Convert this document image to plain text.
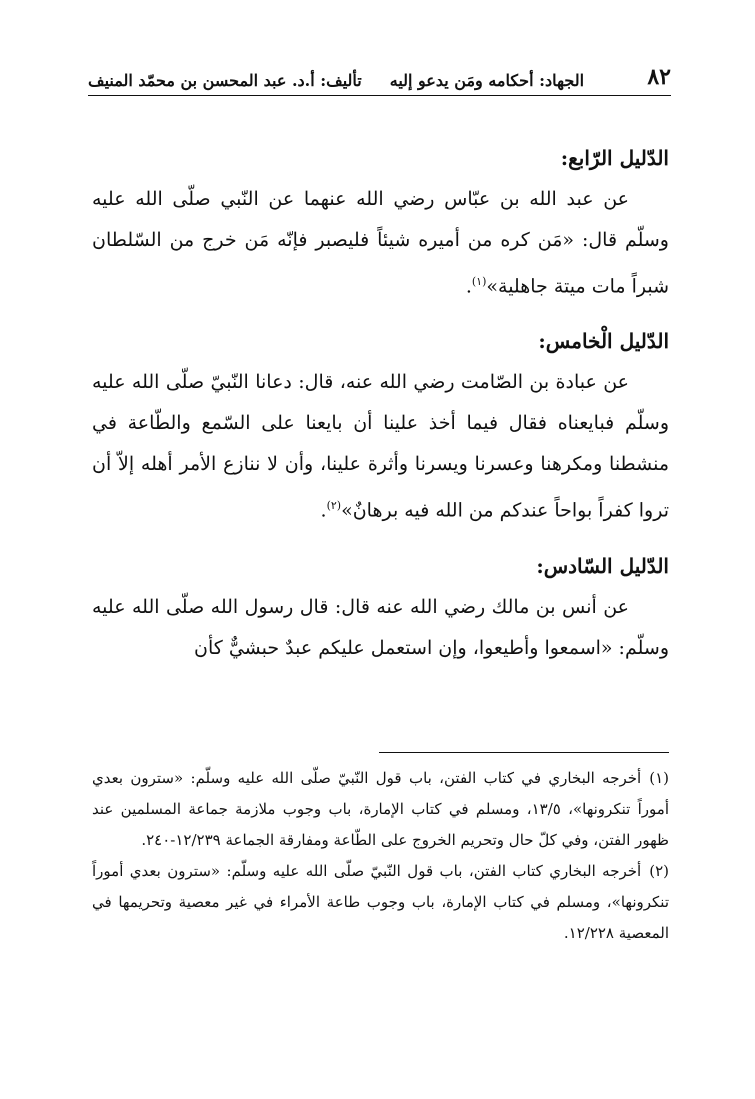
٨٢
الجهاد: أحكامه ومَن يدعو إليه
تأليف: أ.د. عبد المحسن بن محمّد المنيف
الدّليل الرّابع:

عن عبد الله بن عبّاس رضي الله عنهما عن النّبي صلّى الله عليه وسلّم قال: «مَن كره من أميره شيئاً فليصبر فإنّه مَن خرج من السّلطان شبراً مات ميتة جاهلية»$^{(١)}$.

الدّليل الْخامس:

عن عبادة بن الصّامت رضي الله عنه، قال: دعانا النّبيّ صلّى الله عليه وسلّم فبايعناه فقال فيما أخذ علينا أن بايعنا على السّمع والطّاعة في منشطنا ومكرهنا وعسرنا ويسرنا وأثرة علينا، وأن لا ننازع الأمر أهله إلاّ أن تروا كفراً بواحاً عندكم من الله فيه برهانٌ»$^{(٢)}$.

الدّليل السّادس:

عن أنس بن مالك رضي الله عنه قال: قال رسول الله صلّى الله عليه وسلّم: «اسمعوا وأطيعوا، وإن استعمل عليكم عبدٌ حبشيٌّ كأن

(١)أخرجه البخاري في كتاب الفتن، باب قول النّبيّ صلّى الله عليه وسلّم: «سترون بعدي أموراً تنكرونها»، ١٣/٥، ومسلم في كتاب الإمارة، باب وجوب ملازمة جماعة المسلمين عند ظهور الفتن، وفي كلّ حال وتحريم الخروج على الطّاعة ومفارقة الجماعة ١٢/٢٣٩-٢٤٠.

(٢)أخرجه البخاري كتاب الفتن، باب قول النّبيّ صلّى الله عليه وسلّم: «سترون بعدي أموراً تنكرونها»، ومسلم في كتاب الإمارة، باب وجوب طاعة الأمراء في غير معصية وتحريمها في المعصية ١٢/٢٢٨.
